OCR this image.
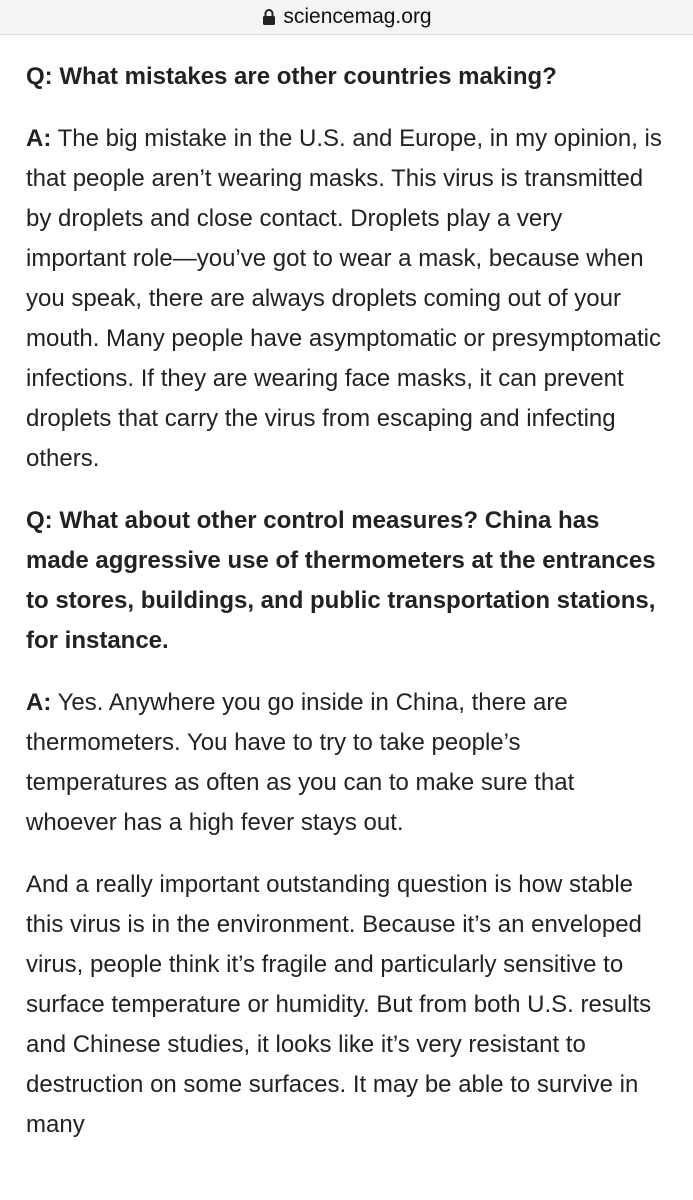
sciencemag.org

Q: What mistakes are other countries making?

A: The big mistake in the U.S. and Europe, in my opinion, is that people aren’t wearing masks. This virus is transmitted by droplets and close contact. Droplets play a very important role—you’ve got to wear a mask, because when you speak, there are always droplets coming out of your mouth. Many people have asymptomatic or presymptomatic infections. If they are wearing face masks, it can prevent droplets that carry the virus from escaping and infecting others.

Q: What about other control measures? China has made aggressive use of thermometers at the entrances to stores, buildings, and public transportation stations, for instance.

A: Yes. Anywhere you go inside in China, there are thermometers. You have to try to take people’s temperatures as often as you can to make sure that whoever has a high fever stays out.

And a really important outstanding question is how stable this virus is in the environment. Because it’s an enveloped virus, people think it’s fragile and particularly sensitive to surface temperature or humidity. But from both U.S. results and Chinese studies, it looks like it’s very resistant to destruction on some surfaces. It may be able to survive in many
